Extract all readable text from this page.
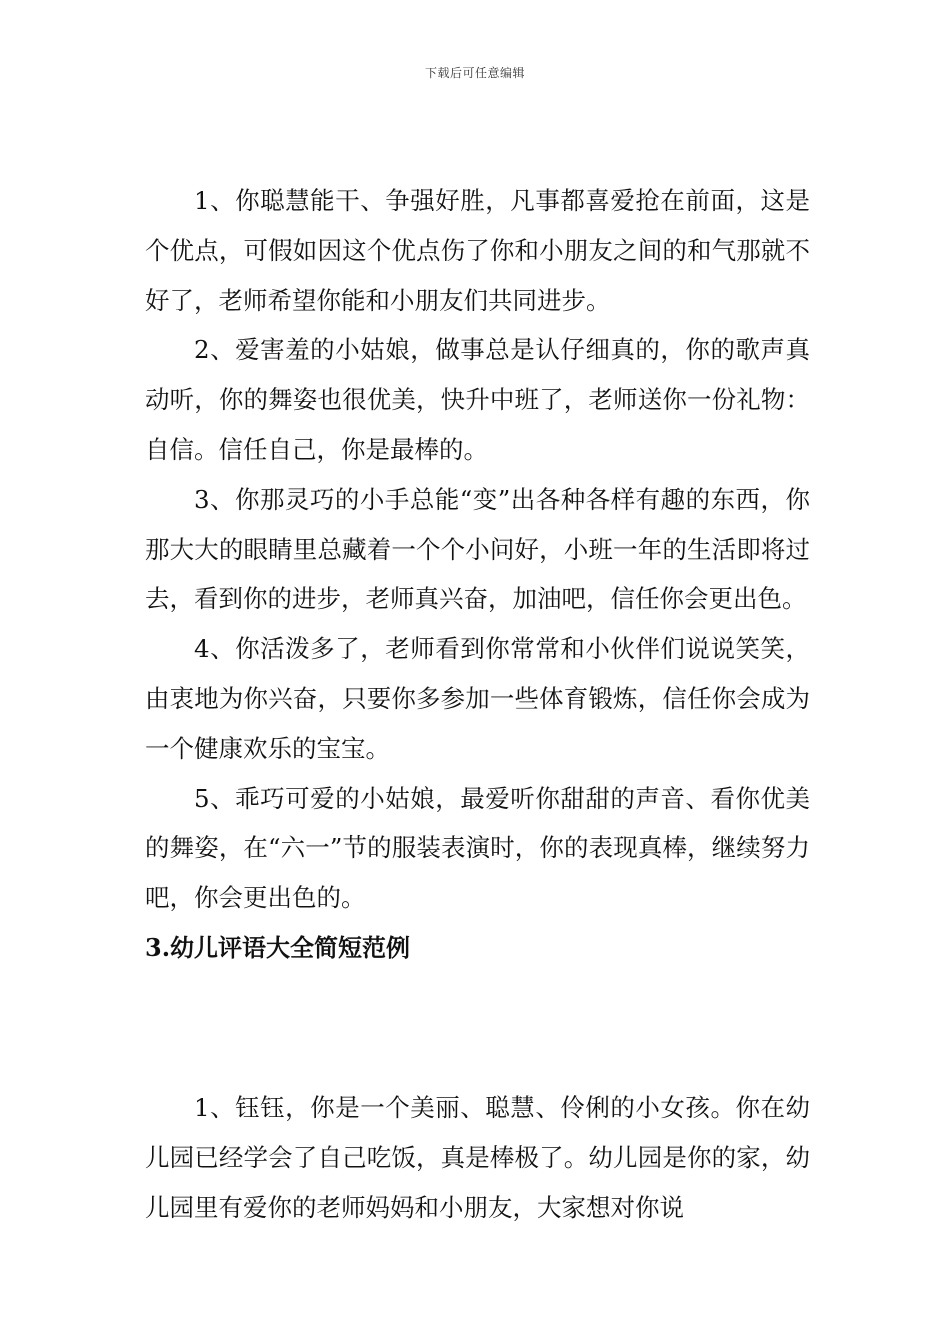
下载后可任意编辑

1、你聪慧能干、争强好胜，凡事都喜爱抢在前面，这是个优点，可假如因这个优点伤了你和小朋友之间的和气那就不好了，老师希望你能和小朋友们共同进步。

2、爱害羞的小姑娘，做事总是认仔细真的，你的歌声真动听，你的舞姿也很优美，快升中班了，老师送你一份礼物：自信。信任自己，你是最棒的。

3、你那灵巧的小手总能“变”出各种各样有趣的东西，你那大大的眼睛里总藏着一个个小问好，小班一年的生活即将过去，看到你的进步，老师真兴奋，加油吧，信任你会更出色。

4、你活泼多了，老师看到你常常和小伙伴们说说笑笑，由衷地为你兴奋，只要你多参加一些体育锻炼，信任你会成为一个健康欢乐的宝宝。

5、乖巧可爱的小姑娘，最爱听你甜甜的声音、看你优美的舞姿，在“六一”节的服装表演时，你的表现真棒，继续努力吧，你会更出色的。

3.幼儿评语大全简短范例

1、钰钰，你是一个美丽、聪慧、伶俐的小女孩。你在幼儿园已经学会了自己吃饭，真是棒极了。幼儿园是你的家，幼儿园里有爱你的老师妈妈和小朋友，大家想对你说
